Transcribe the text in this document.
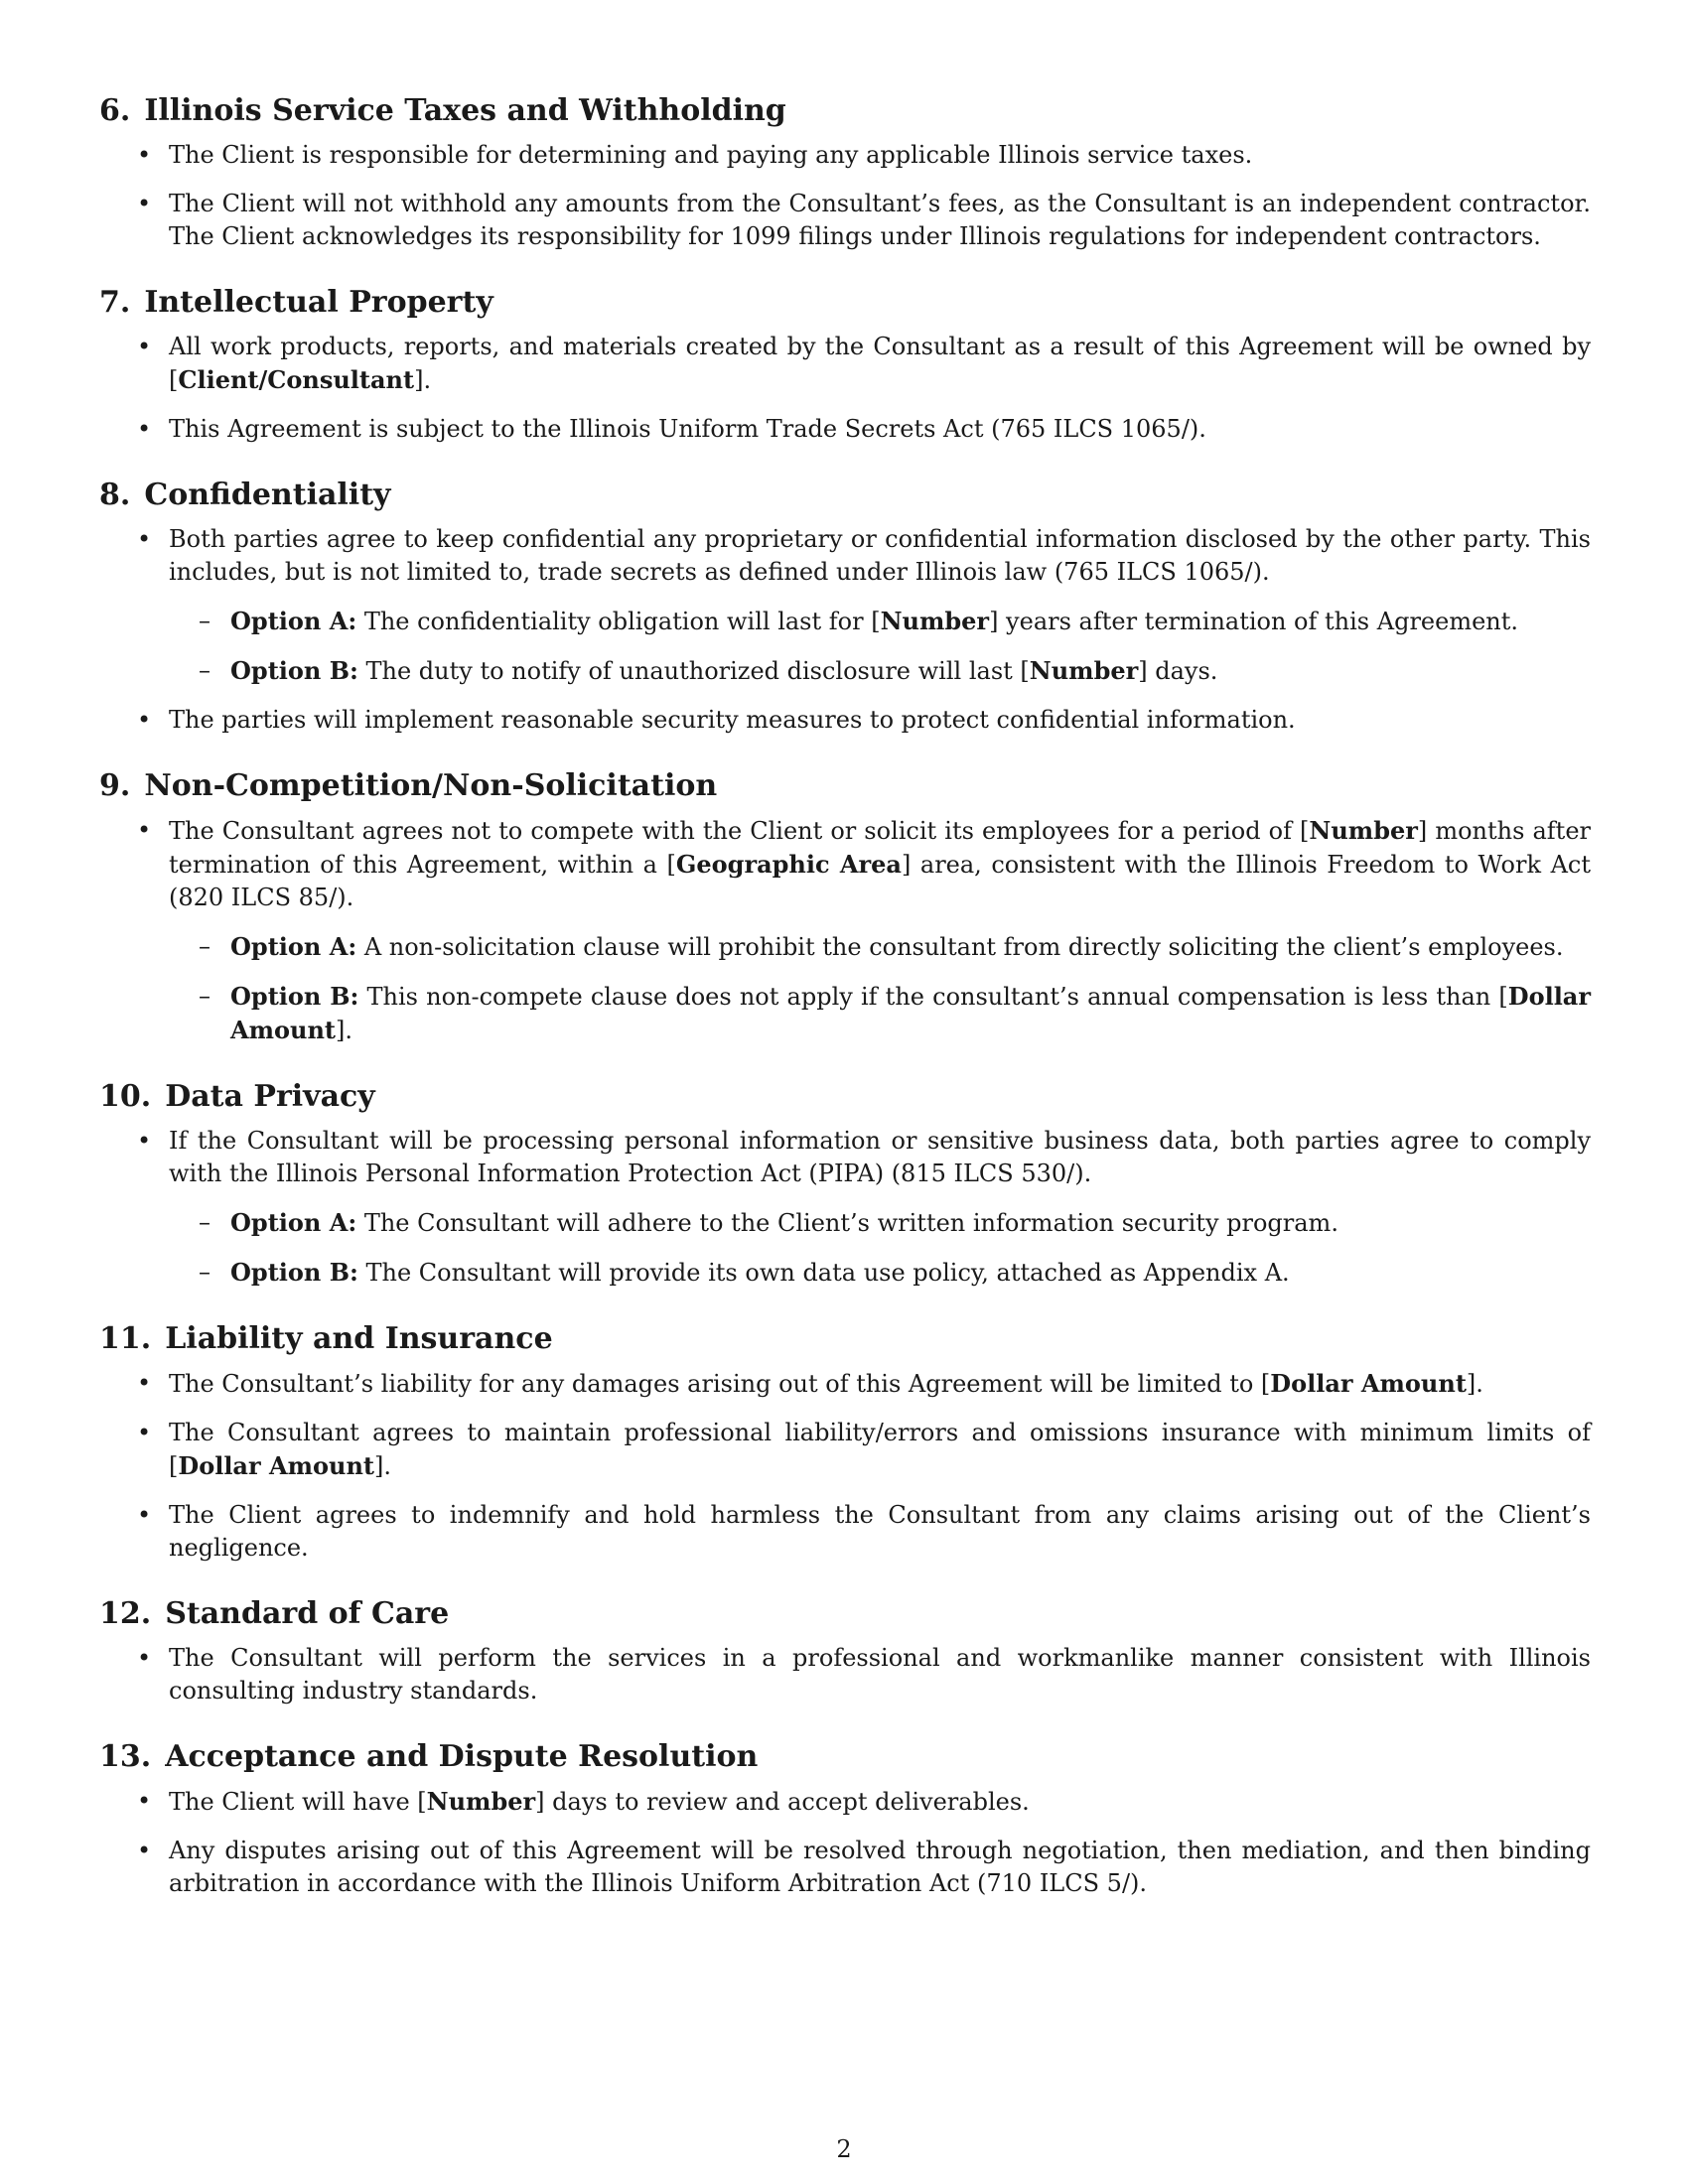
6. Illinois Service Taxes and Withholding
• The Client is responsible for determining and paying any applicable Illinois service taxes.
• The Client will not withhold any amounts from the Consultant’s fees, as the Consultant is an independent contractor. The Client acknowledges its responsibility for 1099 filings under Illinois regulations for independent contractors.
7. Intellectual Property
• All work products, reports, and materials created by the Consultant as a result of this Agreement will be owned by [Client/Consultant].
• This Agreement is subject to the Illinois Uniform Trade Secrets Act (765 ILCS 1065/).
8. Confidentiality
• Both parties agree to keep confidential any proprietary or confidential information disclosed by the other party. This includes, but is not limited to, trade secrets as defined under Illinois law (765 ILCS 1065/).
– Option A: The confidentiality obligation will last for [Number] years after termination of this Agreement.
– Option B: The duty to notify of unauthorized disclosure will last [Number] days.
• The parties will implement reasonable security measures to protect confidential information.
9. Non-Competition/Non-Solicitation
• The Consultant agrees not to compete with the Client or solicit its employees for a period of [Number] months after termination of this Agreement, within a [Geographic Area] area, consistent with the Illinois Freedom to Work Act (820 ILCS 85/).
– Option A: A non-solicitation clause will prohibit the consultant from directly soliciting the client’s employees.
– Option B: This non-compete clause does not apply if the consultant’s annual compensation is less than [Dollar Amount].
10. Data Privacy
• If the Consultant will be processing personal information or sensitive business data, both parties agree to comply with the Illinois Personal Information Protection Act (PIPA) (815 ILCS 530/).
– Option A: The Consultant will adhere to the Client’s written information security program.
– Option B: The Consultant will provide its own data use policy, attached as Appendix A.
11. Liability and Insurance
• The Consultant’s liability for any damages arising out of this Agreement will be limited to [Dollar Amount].
• The Consultant agrees to maintain professional liability/errors and omissions insurance with minimum limits of [Dollar Amount].
• The Client agrees to indemnify and hold harmless the Consultant from any claims arising out of the Client’s negligence.
12. Standard of Care
• The Consultant will perform the services in a professional and workmanlike manner consistent with Illinois consulting industry standards.
13. Acceptance and Dispute Resolution
• The Client will have [Number] days to review and accept deliverables.
• Any disputes arising out of this Agreement will be resolved through negotiation, then mediation, and then binding arbitration in accordance with the Illinois Uniform Arbitration Act (710 ILCS 5/).
2
